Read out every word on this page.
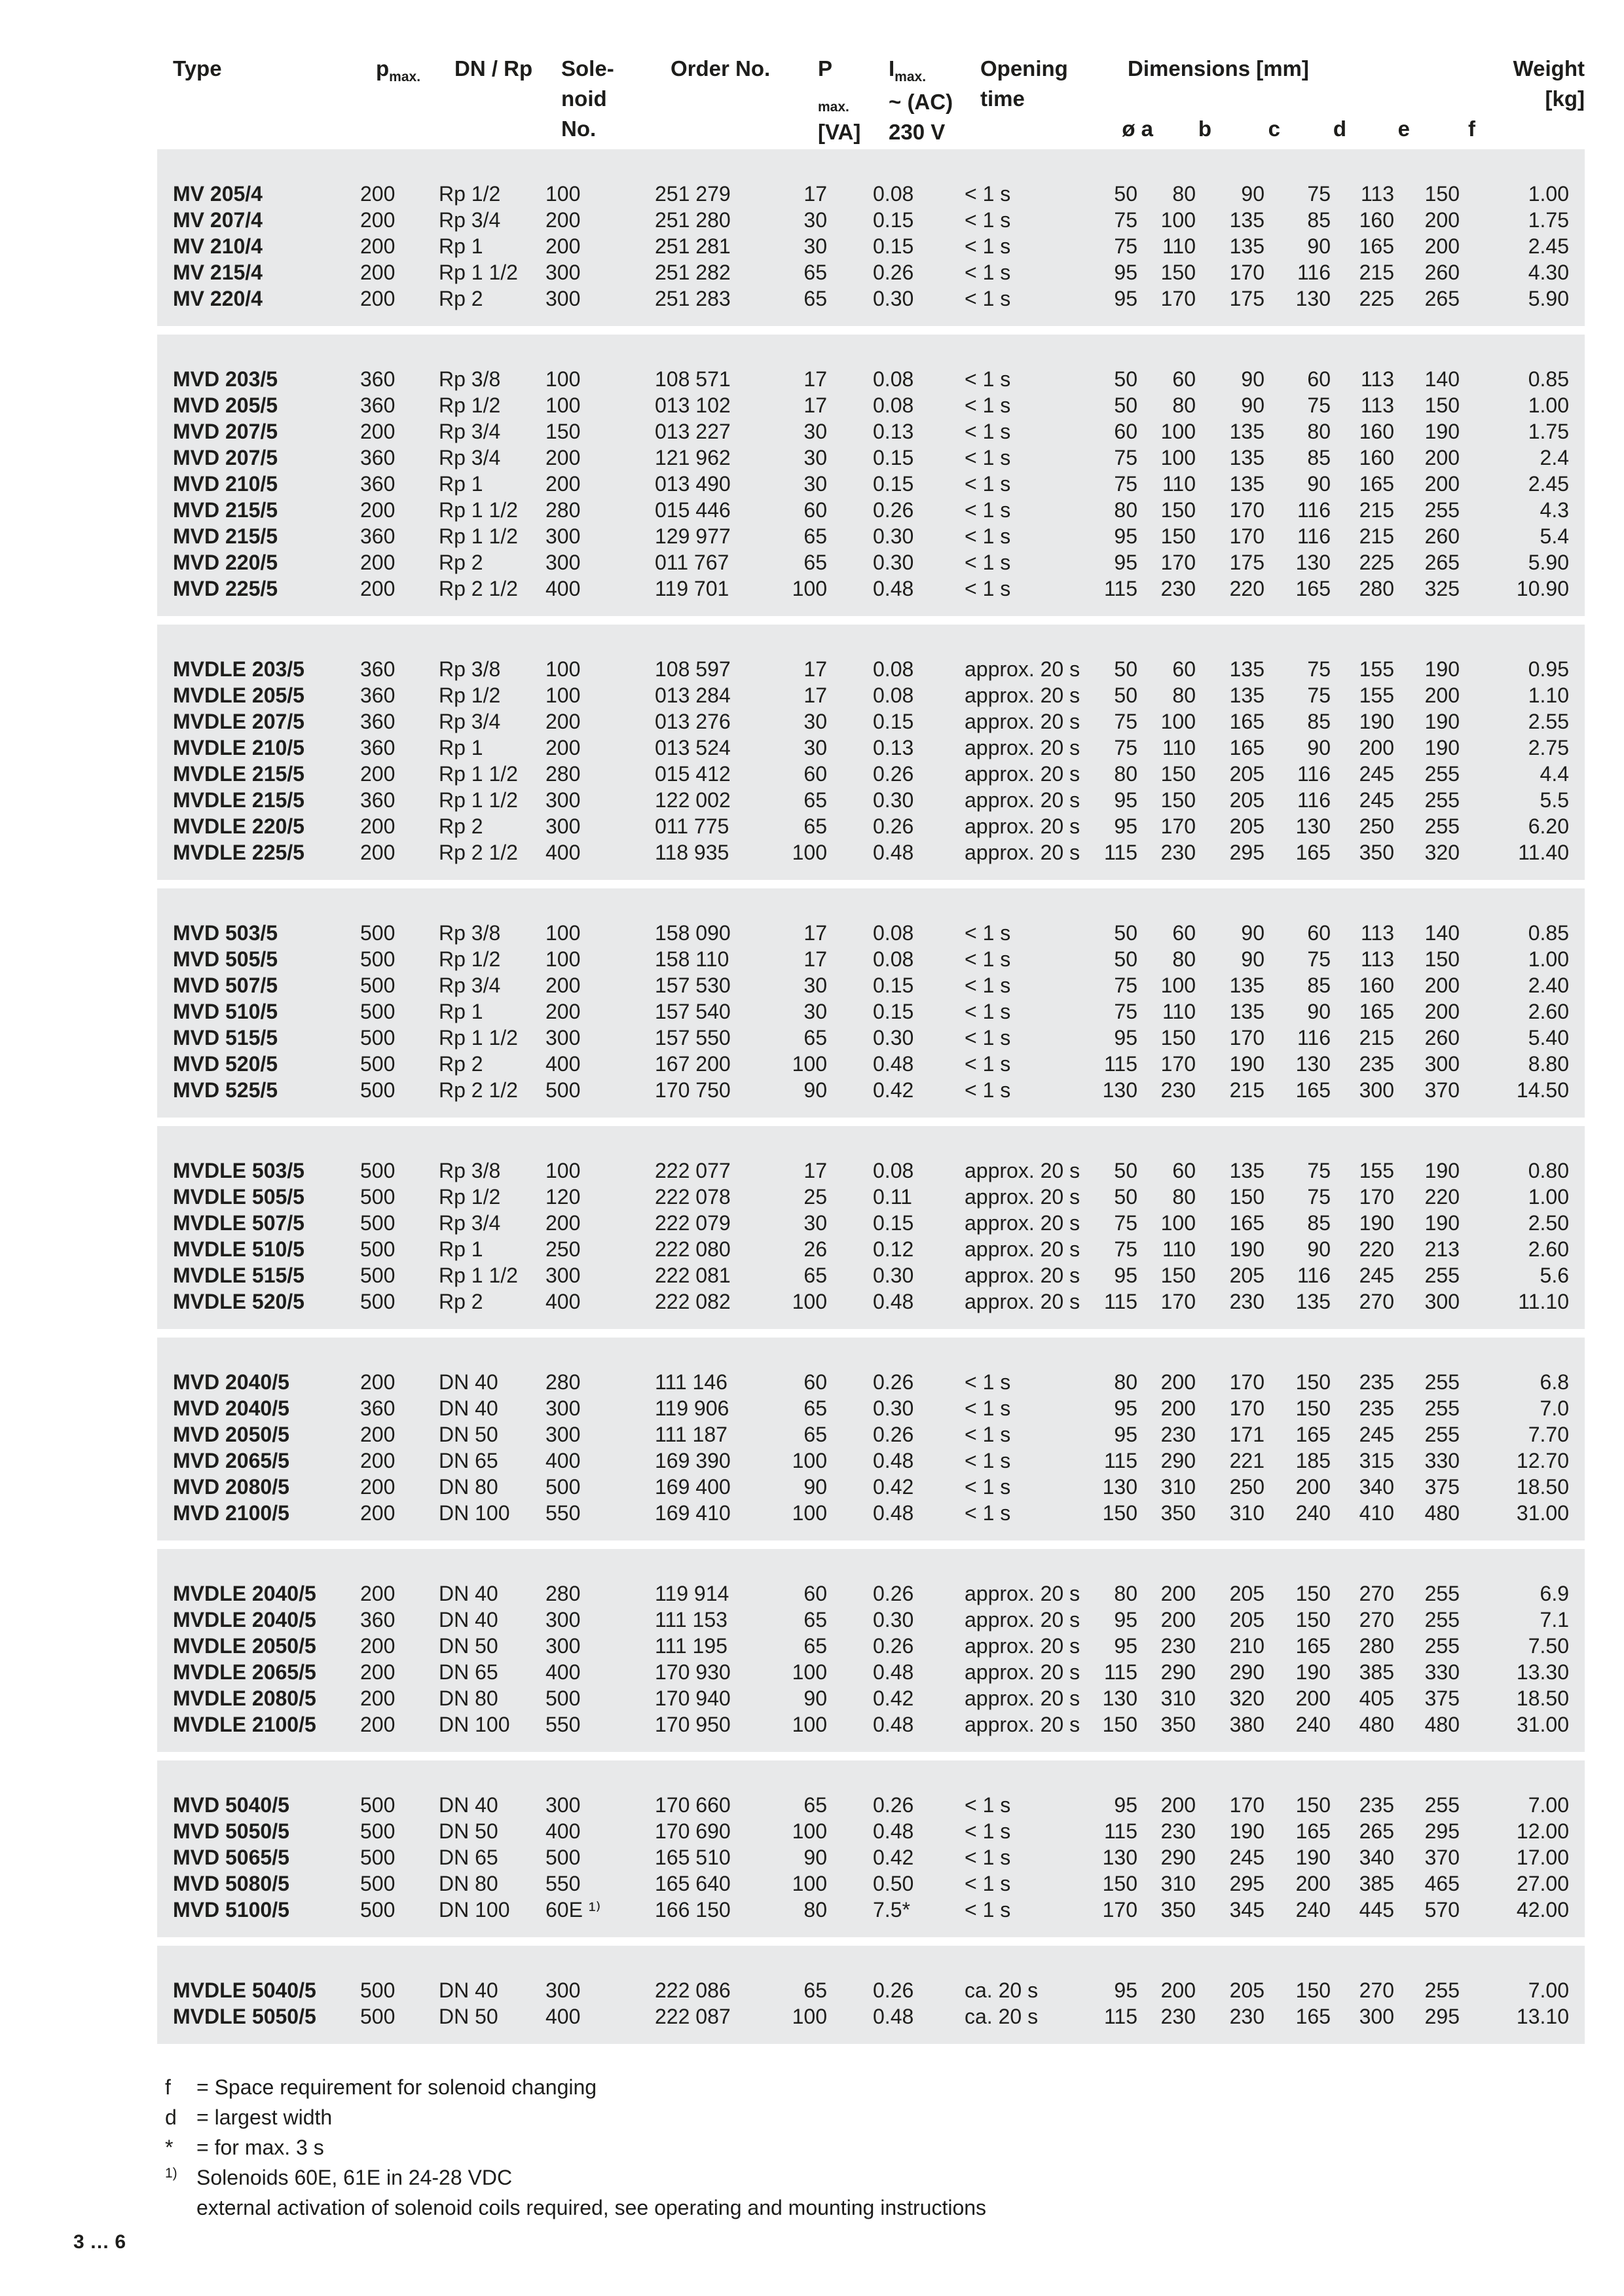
Type	pmax.	DN / Rp	Sole-
noid
No.
Order No.	Pmax.
[VA]
Imax.
~ (AC)
230 V
Opening
time
Dimensions [mm]
ø a	b	c	d	e	f
Weight
[kg]
MV 205/4	200	Rp 1/2	100	251 279	17	0.08	< 1 s	50	80	90	75	113	150	1.00
MV 207/4	200	Rp 3/4	200	251 280	30	0.15	< 1 s	75	100	135	85	160	200	1.75
MV 210/4	200	Rp 1	200	251 281	30	0.15	< 1 s	75	110	135	90	165	200	2.45
MV 215/4	200	Rp 1 1/2	300	251 282	65	0.26	< 1 s	95	150	170	116	215	260	4.30
MV 220/4	200	Rp 2	300	251 283	65	0.30	< 1 s	95	170	175	130	225	265	5.90
MVD 203/5	360	Rp 3/8	100	108 571	17	0.08	< 1 s	50	60	90	60	113	140	0.85
MVD 205/5	360	Rp 1/2	100	013 102	17	0.08	< 1 s	50	80	90	75	113	150	1.00
MVD 207/5	200	Rp 3/4	150	013 227	30	0.13	< 1 s	60	100	135	80	160	190	1.75
MVD 207/5	360	Rp 3/4	200	121 962	30	0.15	< 1 s	75	100	135	85	160	200	2.4
MVD 210/5	360	Rp 1	200	013 490	30	0.15	< 1 s	75	110	135	90	165	200	2.45
MVD 215/5	200	Rp 1 1/2	280	015 446	60	0.26	< 1 s	80	150	170	116	215	255	4.3
MVD 215/5	360	Rp 1 1/2	300	129 977	65	0.30	< 1 s	95	150	170	116	215	260	5.4
MVD 220/5	200	Rp 2	300	011 767	65	0.30	< 1 s	95	170	175	130	225	265	5.90
MVD 225/5	200	Rp 2 1/2	400	119 701	100	0.48	< 1 s	115	230	220	165	280	325	10.90
MVDLE 203/5	360	Rp 3/8	100	108 597	17	0.08	approx. 20 s	50	60	135	75	155	190	0.95
MVDLE 205/5	360	Rp 1/2	100	013 284	17	0.08	approx. 20 s	50	80	135	75	155	200	1.10
MVDLE 207/5	360	Rp 3/4	200	013 276	30	0.15	approx. 20 s	75	100	165	85	190	190	2.55
MVDLE 210/5	360	Rp 1	200	013 524	30	0.13	approx. 20 s	75	110	165	90	200	190	2.75
MVDLE 215/5	200	Rp 1 1/2	280	015 412	60	0.26	approx. 20 s	80	150	205	116	245	255	4.4
MVDLE 215/5	360	Rp 1 1/2	300	122 002	65	0.30	approx. 20 s	95	150	205	116	245	255	5.5
MVDLE 220/5	200	Rp 2	300	011 775	65	0.26	approx. 20 s	95	170	205	130	250	255	6.20
MVDLE 225/5	200	Rp 2 1/2	400	118 935	100	0.48	approx. 20 s	115	230	295	165	350	320	11.40
MVD 503/5	500	Rp 3/8	100	158 090	17	0.08	< 1 s	50	60	90	60	113	140	0.85
MVD 505/5	500	Rp 1/2	100	158 110	17	0.08	< 1 s	50	80	90	75	113	150	1.00
MVD 507/5	500	Rp 3/4	200	157 530	30	0.15	< 1 s	75	100	135	85	160	200	2.40
MVD 510/5	500	Rp 1	200	157 540	30	0.15	< 1 s	75	110	135	90	165	200	2.60
MVD 515/5	500	Rp 1 1/2	300	157 550	65	0.30	< 1 s	95	150	170	116	215	260	5.40
MVD 520/5	500	Rp 2	400	167 200	100	0.48	< 1 s	115	170	190	130	235	300	8.80
MVD 525/5	500	Rp 2 1/2	500	170 750	90	0.42	< 1 s	130	230	215	165	300	370	14.50
MVDLE 503/5	500	Rp 3/8	100	222 077	17	0.08	approx. 20 s	50	60	135	75	155	190	0.80
MVDLE 505/5	500	Rp 1/2	120	222 078	25	0.11	approx. 20 s	50	80	150	75	170	220	1.00
MVDLE 507/5	500	Rp 3/4	200	222 079	30	0.15	approx. 20 s	75	100	165	85	190	190	2.50
MVDLE 510/5	500	Rp 1	250	222 080	26	0.12	approx. 20 s	75	110	190	90	220	213	2.60
MVDLE 515/5	500	Rp 1 1/2	300	222 081	65	0.30	approx. 20 s	95	150	205	116	245	255	5.6
MVDLE 520/5	500	Rp 2	400	222 082	100	0.48	approx. 20 s	115	170	230	135	270	300	11.10
MVD 2040/5	200	DN 40	280	111 146	60	0.26	< 1 s	80	200	170	150	235	255	6.8
MVD 2040/5	360	DN 40	300	119 906	65	0.30	< 1 s	95	200	170	150	235	255	7.0
MVD 2050/5	200	DN 50	300	111 187	65	0.26	< 1 s	95	230	171	165	245	255	7.70
MVD 2065/5	200	DN 65	400	169 390	100	0.48	< 1 s	115	290	221	185	315	330	12.70
MVD 2080/5	200	DN 80	500	169 400	90	0.42	< 1 s	130	310	250	200	340	375	18.50
MVD 2100/5	200	DN 100	550	169 410	100	0.48	< 1 s	150	350	310	240	410	480	31.00
MVDLE 2040/5	200	DN 40	280	119 914	60	0.26	approx. 20 s	80	200	205	150	270	255	6.9
MVDLE 2040/5	360	DN 40	300	111 153	65	0.30	approx. 20 s	95	200	205	150	270	255	7.1
MVDLE 2050/5	200	DN 50	300	111 195	65	0.26	approx. 20 s	95	230	210	165	280	255	7.50
MVDLE 2065/5	200	DN 65	400	170 930	100	0.48	approx. 20 s	115	290	290	190	385	330	13.30
MVDLE 2080/5	200	DN 80	500	170 940	90	0.42	approx. 20 s	130	310	320	200	405	375	18.50
MVDLE 2100/5	200	DN 100	550	170 950	100	0.48	approx. 20 s	150	350	380	240	480	480	31.00
MVD 5040/5	500	DN 40	300	170 660	65	0.26	< 1 s	95	200	170	150	235	255	7.00
MVD 5050/5	500	DN 50	400	170 690	100	0.48	< 1 s	115	230	190	165	265	295	12.00
MVD 5065/5	500	DN 65	500	165 510	90	0.42	< 1 s	130	290	245	190	340	370	17.00
MVD 5080/5	500	DN 80	550	165 640	100	0.50	< 1 s	150	310	295	200	385	465	27.00
MVD 5100/5	500	DN 100	60E ¹⁾	166 150	80	7.5*	< 1 s	170	350	345	240	445	570	42.00
MVDLE 5040/5	500	DN 40	300	222 086	65	0.26	ca. 20 s	95	200	205	150	270	255	7.00
MVDLE 5050/5	500	DN 50	400	222 087	100	0.48	ca. 20 s	115	230	230	165	300	295	13.10
f	= Space requirement for solenoid changing
d = largest width
*	= for max. 3 s
1) Solenoids 60E, 61E in 24-28 VDC
external activation of solenoid coils required, see operating and mounting instructions
3 … 6
